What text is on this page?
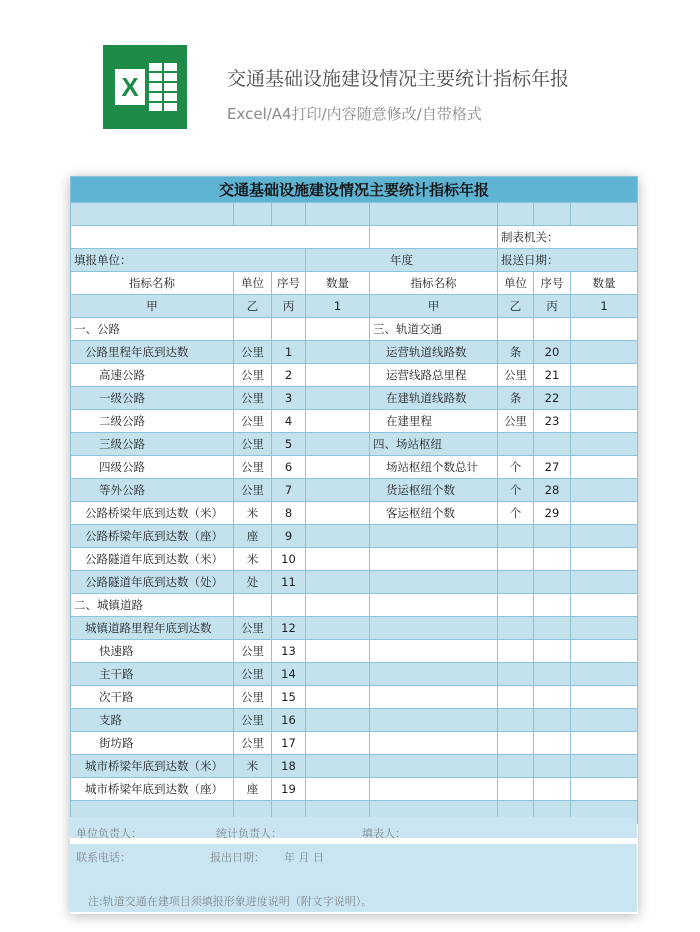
X	交通基础设施建设情况主要统计指标年报
Excel/A4打印/内容随意修改/自带格式
交通基础设施建设情况主要统计指标年报							

					制表机关：		
填报单位：			年度		报送日期：		
指标名称	单位	序号	数量	指标名称	单位	序号	数量
甲	乙	丙	1	甲	乙	丙	1
一、公路				三、轨道交通			
公路里程年底到达数	公里	1		运营轨道线路数	条	20	
高速公路	公里	2		运营线路总里程	公里	21	
一级公路	公里	3		在建轨道线路数	条	22	
二级公路	公里	4		在建里程	公里	23	
三级公路	公里	5		四、场站枢纽			
四级公路	公里	6		场站枢纽个数总计	个	27	
等外公路	公里	7		货运枢纽个数	个	28	
公路桥梁年底到达数（米）	米	8		客运枢纽个数	个	29	
公路桥梁年底到达数（座）	座	9					
公路隧道年底到达数（米）	米	10					
公路隧道年底到达数（处）	处	11					
二、城镇道路							
城镇道路里程年底到达数	公里	12					
快速路	公里	13					
主干路	公里	14					
次干路	公里	15					
支路	公里	16					
街坊路	公里	17					
城市桥梁年底到达数（米）	米	18					
城市桥梁年底到达数（座）	座	19					

单位负责人：	统计负责人：	填表人：
联系电话：	报出日期： 年 月 日
注:轨道交通在建项目须填报形象进度说明（附文字说明）。
